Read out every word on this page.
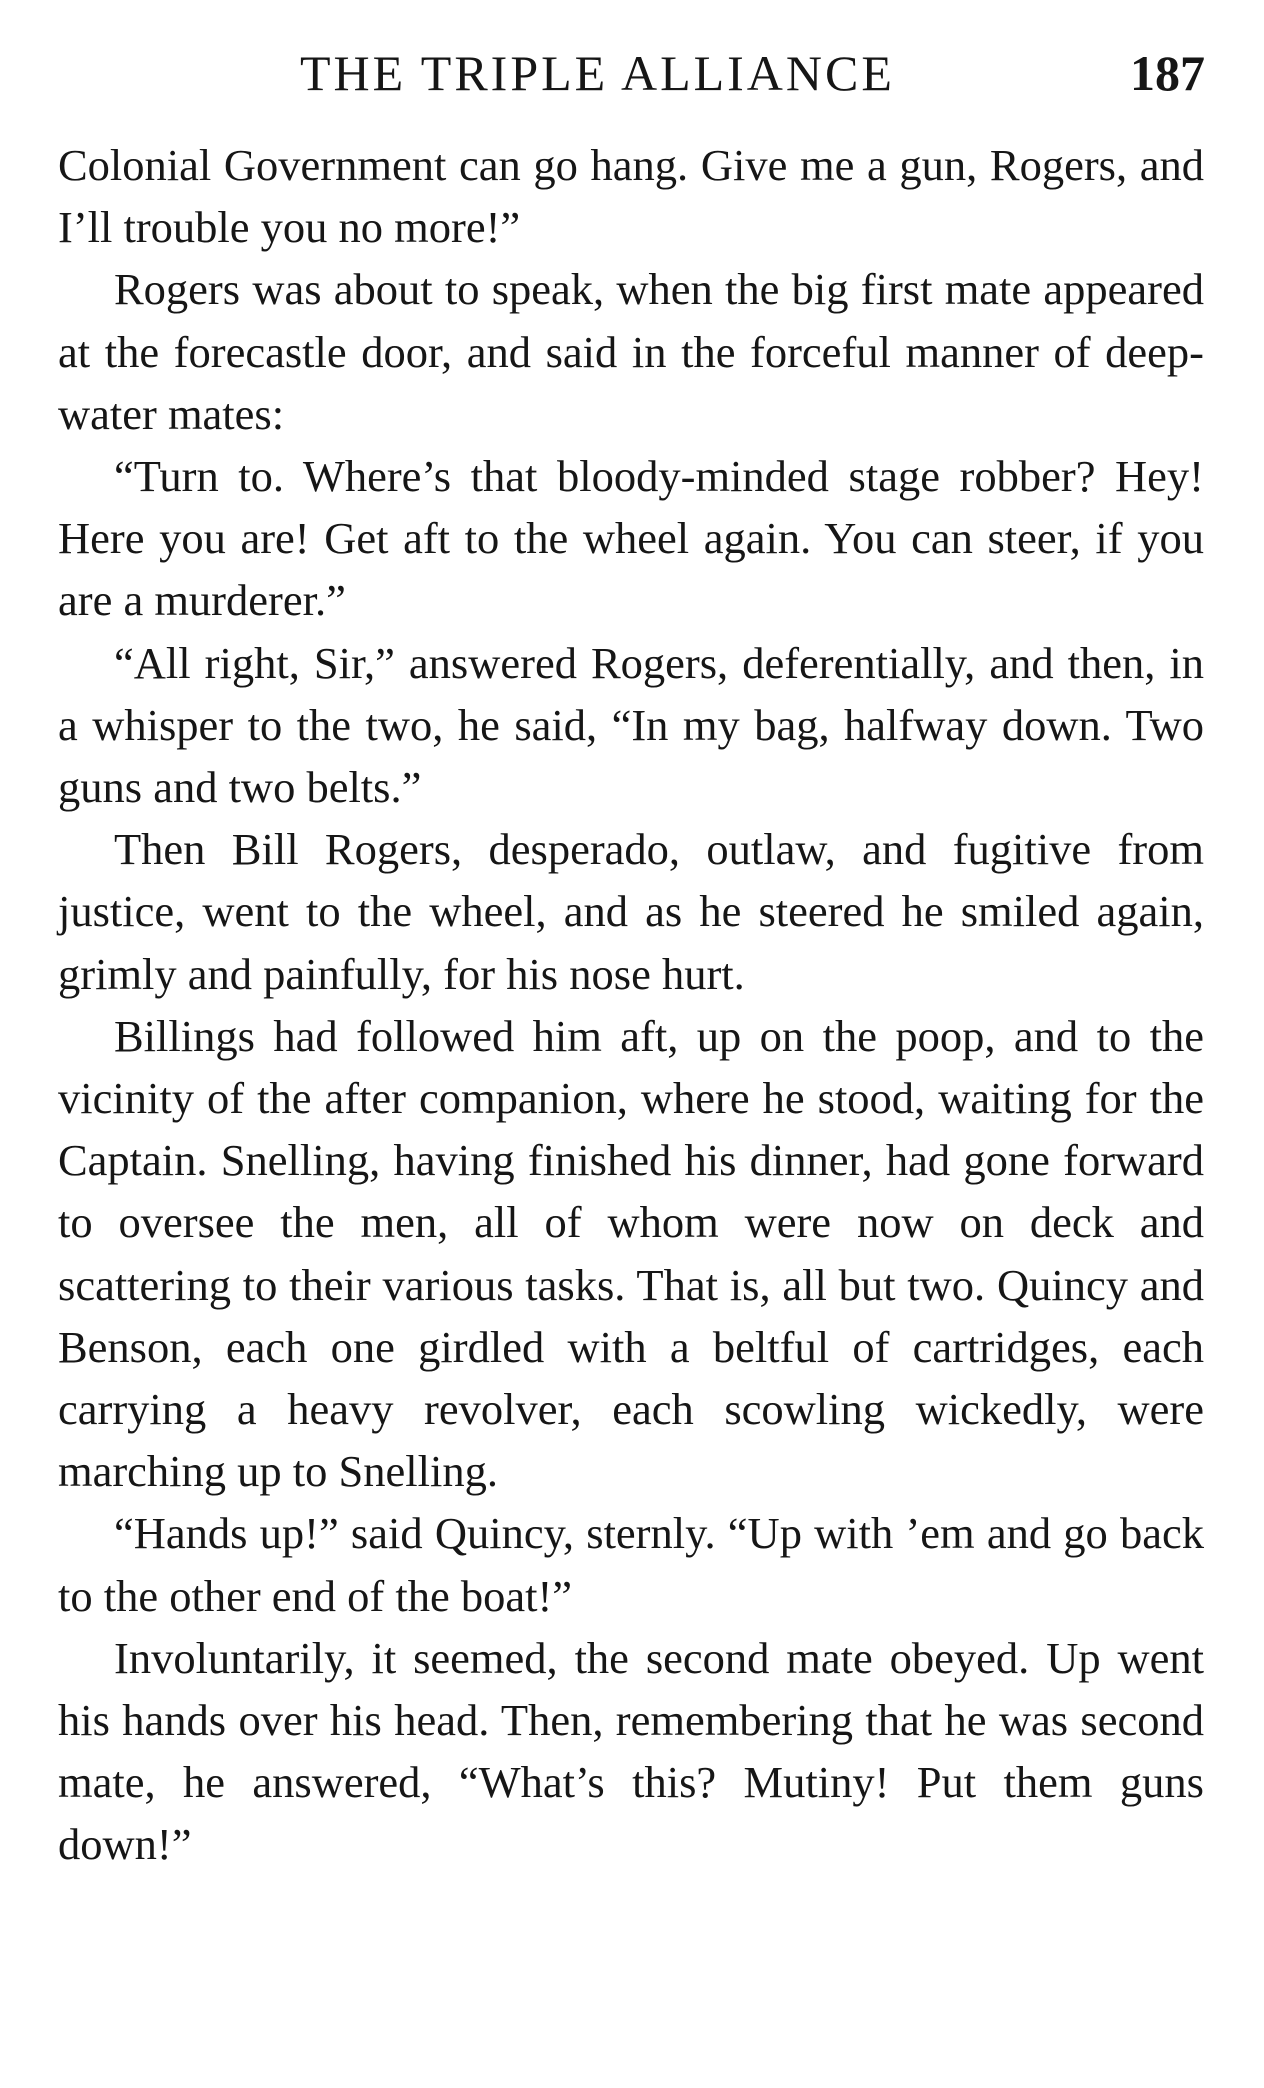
THE TRIPLE ALLIANCE	187

Colonial Government can go hang. Give me a gun, Rogers, and I’ll trouble you no more!”

Rogers was about to speak, when the big first mate appeared at the forecastle door, and said in the forceful manner of deep-water mates:

“Turn to. Where’s that bloody-minded stage robber? Hey! Here you are! Get aft to the wheel again. You can steer, if you are a murderer.”

“All right, Sir,” answered Rogers, deferentially, and then, in a whisper to the two, he said, “In my bag, halfway down. Two guns and two belts.”

Then Bill Rogers, desperado, outlaw, and fugitive from justice, went to the wheel, and as he steered he smiled again, grimly and painfully, for his nose hurt.

Billings had followed him aft, up on the poop, and to the vicinity of the after companion, where he stood, waiting for the Captain. Snelling, having finished his dinner, had gone forward to oversee the men, all of whom were now on deck and scattering to their various tasks. That is, all but two. Quincy and Benson, each one girdled with a beltful of cartridges, each carrying a heavy revolver, each scowling wickedly, were marching up to Snelling.

“Hands up!” said Quincy, sternly. “Up with ’em and go back to the other end of the boat!”

Involuntarily, it seemed, the second mate obeyed. Up went his hands over his head. Then, remembering that he was second mate, he answered, “What’s this? Mutiny! Put them guns down!”
